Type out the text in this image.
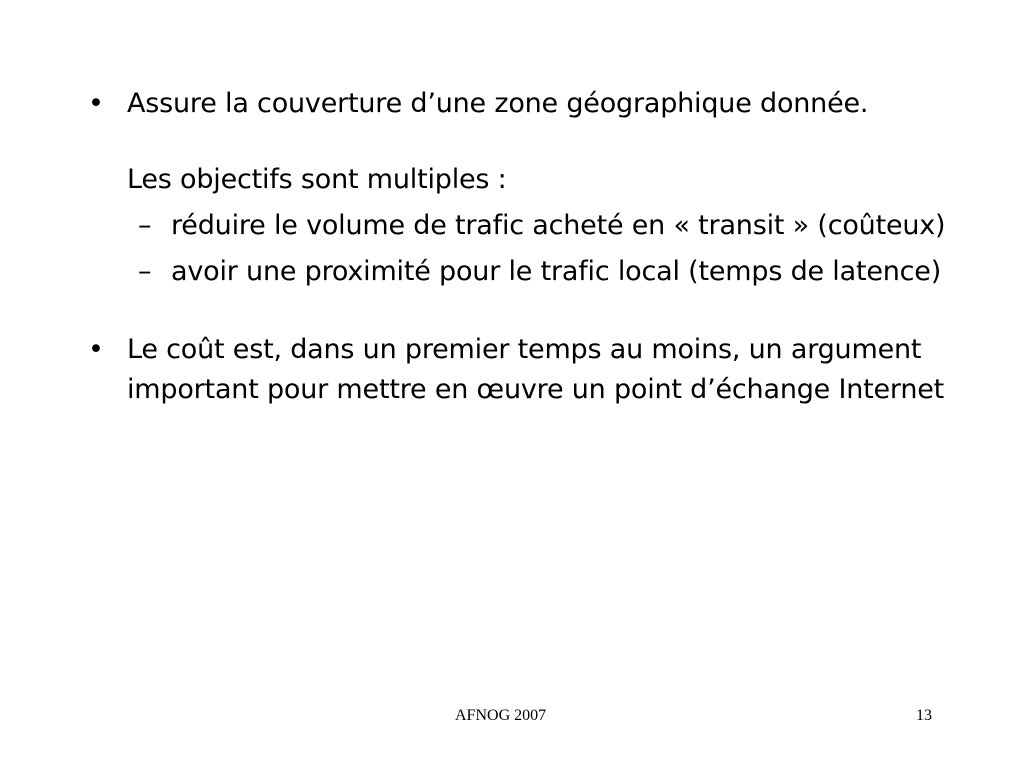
• Assure la couverture d’une zone géographique donnée.
Les objectifs sont multiples :
– réduire le volume de trafic acheté en « transit » (coûteux)
– avoir une proximité pour le trafic local (temps de latence)
• Le coût est, dans un premier temps au moins, un argument important pour mettre en œuvre un point d’échange Internet
AFNOG 2007	13
